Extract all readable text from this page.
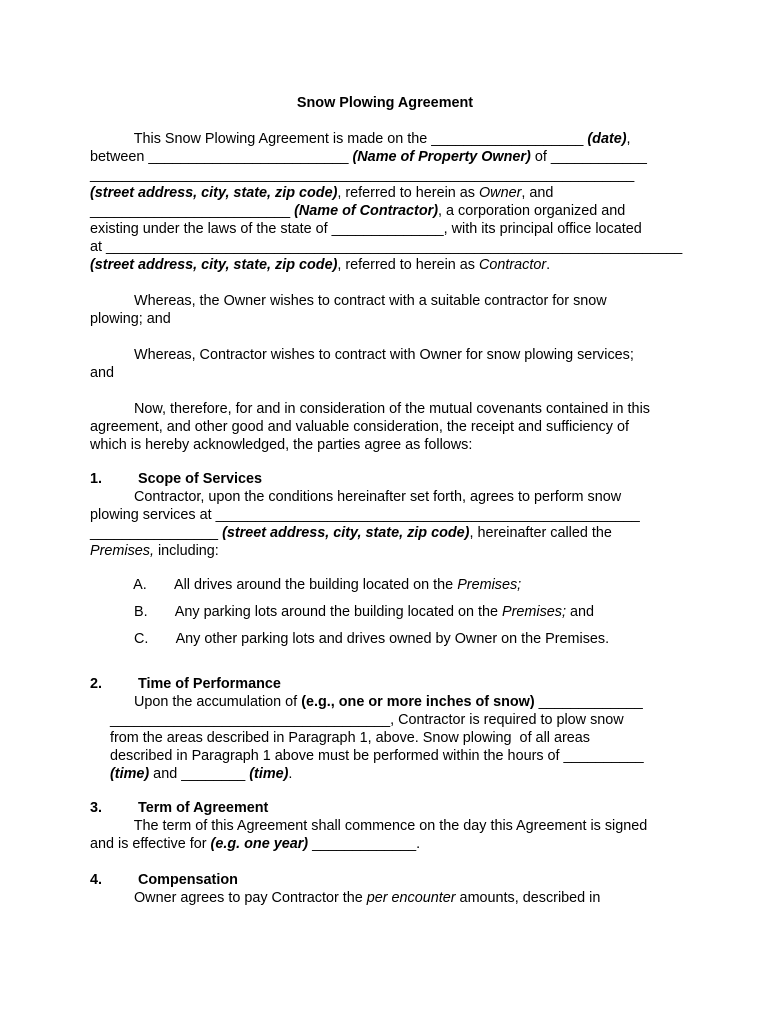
Snow Plowing Agreement

This Snow Plowing Agreement is made on the ___________________ (date),

between _________________________ (Name of Property Owner) of ____________

____________________________________________________________________

(street address, city, state, zip code), referred to herein as Owner, and

_________________________ (Name of Contractor), a corporation organized and

existing under the laws of the state of ______________, with its principal office located

at ________________________________________________________________________

(street address, city, state, zip code), referred to herein as Contractor.

Whereas, the Owner wishes to contract with a suitable contractor for snow

plowing; and

Whereas, Contractor wishes to contract with Owner for snow plowing services;

and

Now, therefore, for and in consideration of the mutual covenants contained in this

agreement, and other good and valuable consideration, the receipt and sufficiency of

which is hereby acknowledged, the parties agree as follows:

1.         Scope of Services

Contractor, upon the conditions hereinafter set forth, agrees to perform snow

plowing services at _____________________________________________________

________________ (street address, city, state, zip code), hereinafter called the

Premises, including:

A.       All drives around the building located on the Premises;

B.       Any parking lots around the building located on the Premises; and

C.       Any other parking lots and drives owned by Owner on the Premises.

2.         Time of Performance

Upon the accumulation of (e.g., one or more inches of snow) _____________

___________________________________, Contractor is required to plow snow

from the areas described in Paragraph 1, above. Snow plowing  of all areas

described in Paragraph 1 above must be performed within the hours of __________

(time) and ________ (time).

3.         Term of Agreement

The term of this Agreement shall commence on the day this Agreement is signed

and is effective for (e.g. one year) _____________.

4.         Compensation

Owner agrees to pay Contractor the per encounter amounts, described in
